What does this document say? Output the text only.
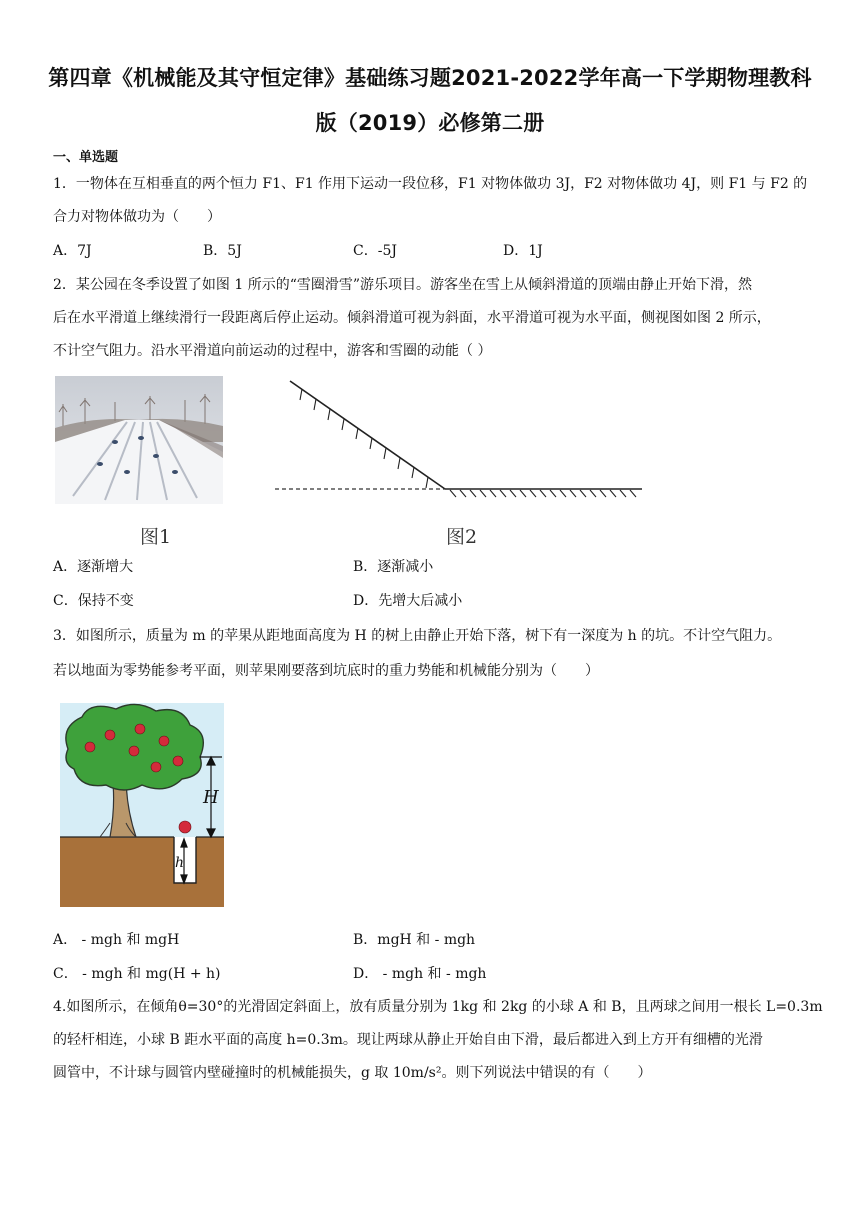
第四章《机械能及其守恒定律》基础练习题2021-2022学年高一下学期物理教科
版（2019）必修第二册
一、单选题
1．一物体在互相垂直的两个恒力 F1、F1 作用下运动一段位移，F1 对物体做功 3J，F2 对物体做功 4J，则 F1 与 F2 的
合力对物体做功为（　　）
A．7J	B．5J	C．-5J	D．1J
2．某公园在冬季设置了如图 1 所示的“雪圈滑雪”游乐项目。游客坐在雪上从倾斜滑道的顶端由静止开始下滑，然
后在水平滑道上继续滑行一段距离后停止运动。倾斜滑道可视为斜面，水平滑道可视为水平面，侧视图如图 2 所示，
不计空气阻力。沿水平滑道向前运动的过程中，游客和雪圈的动能（ ）
图1	图2
A．逐渐增大	B．逐渐减小
C．保持不变	D．先增大后减小
3．如图所示，质量为 m 的苹果从距地面高度为 H 的树上由静止开始下落，树下有一深度为 h 的坑。不计空气阻力。
若以地面为零势能参考平面，则苹果刚要落到坑底时的重力势能和机械能分别为（　　）
H
h
A． - mgh 和 mgH	B．mgH 和 - mgh
C． - mgh 和 mg(H + h)	D． - mgh 和 - mgh
4.如图所示，在倾角θ=30°的光滑固定斜面上，放有质量分别为 1kg 和 2kg 的小球 A 和 B，且两球之间用一根长 L=0.3m
的轻杆相连，小球 B 距水平面的高度 h=0.3m。现让两球从静止开始自由下滑，最后都进入到上方开有细槽的光滑
圆管中，不计球与圆管内壁碰撞时的机械能损失，g 取 10m/s²。则下列说法中错误的有（　　）
